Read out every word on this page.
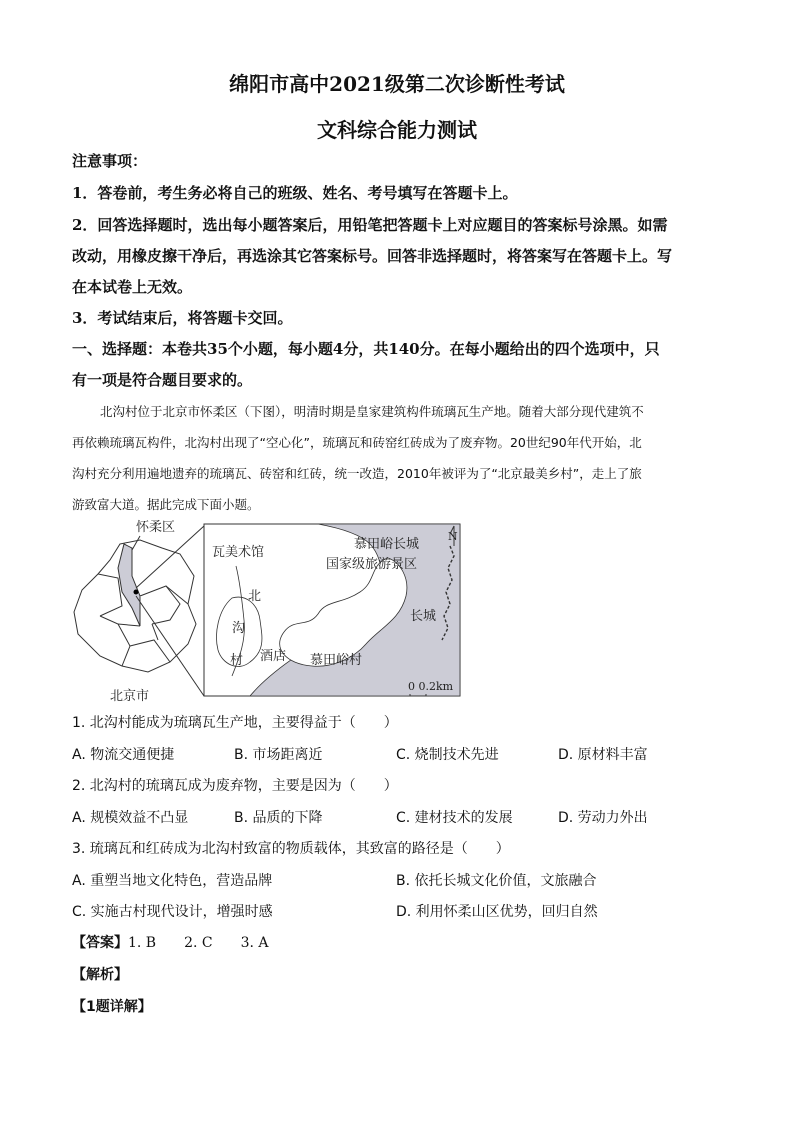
绵阳市高中2021级第二次诊断性考试
文科综合能力测试
注意事项：
1．答卷前，考生务必将自己的班级、姓名、考号填写在答题卡上。
2．回答选择题时，选出每小题答案后，用铅笔把答题卡上对应题目的答案标号涂黑。如需
改动，用橡皮擦干净后，再选涂其它答案标号。回答非选择题时，将答案写在答题卡上。写
在本试卷上无效。
3．考试结束后，将答题卡交回。
一、选择题：本卷共35个小题，每小题4分，共140分。在每小题给出的四个选项中，只
有一项是符合题目要求的。
北沟村位于北京市怀柔区（下图），明清时期是皇家建筑构件琉璃瓦生产地。随着大部分现代建筑不
再依赖琉璃瓦构件，北沟村出现了“空心化”，琉璃瓦和砖窑红砖成为了废弃物。20世纪90年代开始，北
沟村充分利用遍地遗弃的琉璃瓦、砖窑和红砖，统一改造，2010年被评为了“北京最美乡村”，走上了旅
游致富大道。据此完成下面小题。
怀柔区
北京市
瓦美术馆
北
沟
村 酒店
慕田峪长城
国家级旅游景区
长城
慕田峪村
N
0 0.2km
1. 北沟村能成为琉璃瓦生产地，主要得益于（　　）
A. 物流交通便捷	B. 市场距离近	C. 烧制技术先进	D. 原材料丰富
2. 北沟村的琉璃瓦成为废弃物，主要是因为（　　）
A. 规模效益不凸显	B. 品质的下降	C. 建材技术的发展	D. 劳动力外出
3. 琉璃瓦和红砖成为北沟村致富的物质载体，其致富的路径是（　　）
A. 重塑当地文化特色，营造品牌	B. 依托长城文化价值，文旅融合
C. 实施古村现代设计，增强时感	D. 利用怀柔山区优势，回归自然
【答案】1. B　　2. C　　3. A
【解析】
【1题详解】
